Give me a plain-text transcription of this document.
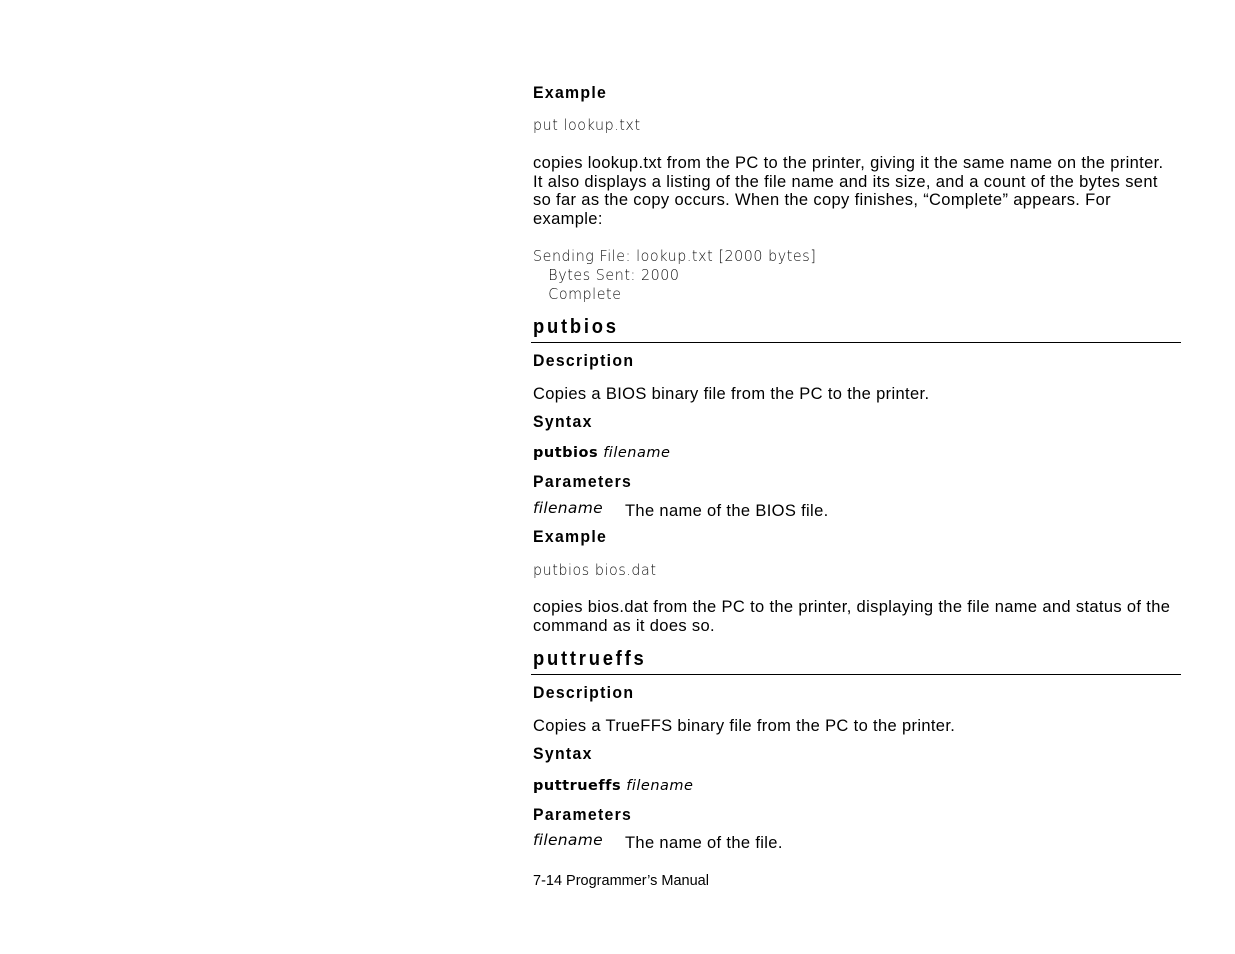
Example
put lookup.txt
copies lookup.txt from the PC to the printer, giving it the same name on the printer. It also displays a listing of the file name and its size, and a count of the bytes sent so far as the copy occurs. When the copy finishes, “Complete” appears. For example:
Sending File: lookup.txt [2000 bytes]
Bytes Sent: 2000
Complete
putbios
Description
Copies a BIOS binary file from the PC to the printer.
Syntax
putbios filename
Parameters
filename The name of the BIOS file.
Example
putbios bios.dat
copies bios.dat from the PC to the printer, displaying the file name and status of the command as it does so.
puttrueffs
Description
Copies a TrueFFS binary file from the PC to the printer.
Syntax
puttrueffs filename
Parameters
filename The name of the file.
7-14 Programmer’s Manual
